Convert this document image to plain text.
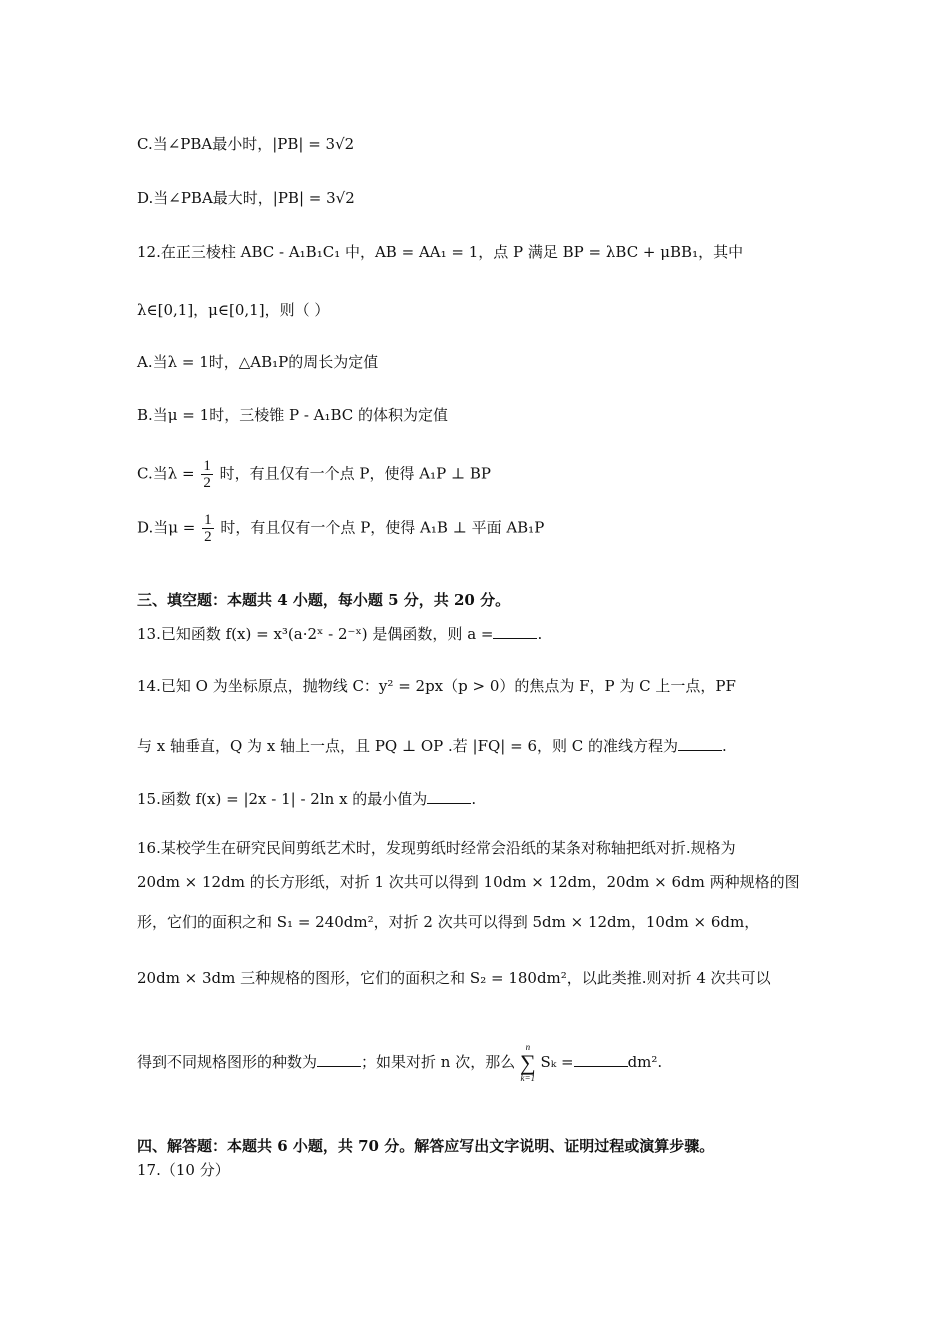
C.当∠PBA最小时，|PB| = 3√2
D.当∠PBA最大时，|PB| = 3√2
12.在正三棱柱 ABC - A₁B₁C₁ 中，AB = AA₁ = 1，点 P 满足 BP = λBC + μBB₁，其中
λ∈[0,1]，μ∈[0,1]，则（ ）
A.当λ = 1时，△AB₁P的周长为定值
B.当μ = 1时，三棱锥 P - A₁BC 的体积为定值
C.当$\lambda = \frac{1}{2}$ 时，有且仅有一个点 P，使得 A₁P ⊥ BP
D.当$\mu = \frac{1}{2}$ 时，有且仅有一个点 P，使得 A₁B ⊥ 平面 AB₁P
三、填空题：本题共 4 小题，每小题 5 分，共 20 分。
13.已知函数 f(x) = x³(a·2ˣ - 2⁻ˣ) 是偶函数，则 a =	.
14.已知 O 为坐标原点，抛物线 C：y² = 2px（p > 0）的焦点为 F，P 为 C 上一点，PF
与 x 轴垂直，Q 为 x 轴上一点，且 PQ ⊥ OP .若 |FQ| = 6，则 C 的准线方程为	.
15.函数 f(x) = |2x - 1| - 2ln x 的最小值为	.
16.某校学生在研究民间剪纸艺术时，发现剪纸时经常会沿纸的某条对称轴把纸对折.规格为
20dm × 12dm 的长方形纸，对折 1 次共可以得到 10dm × 12dm，20dm × 6dm 两种规格的图
形，它们的面积之和 S₁ = 240dm²，对折 2 次共可以得到 5dm × 12dm，10dm × 6dm，
20dm × 3dm 三种规格的图形，它们的面积之和 S₂ = 180dm²，以此类推.则对折 4 次共可以
得到不同规格图形的种数为	；如果对折 n 次，那么
n
∑
k=1
Sₖ =	dm².
四、解答题：本题共 6 小题，共 70 分。解答应写出文字说明、证明过程或演算步骤。
17.（10 分）
